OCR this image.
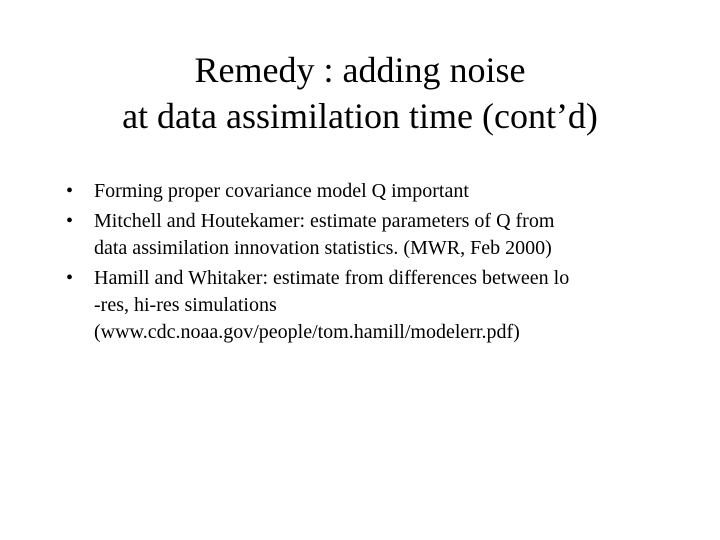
Remedy : adding noise
at data assimilation time (cont’d)
• Forming proper covariance model Q important
• Mitchell and Houtekamer: estimate parameters of Q from
data assimilation innovation statistics. (MWR, Feb 2000)
• Hamill and Whitaker: estimate from differences between lo
-res, hi-res simulations
(www.cdc.noaa.gov/people/tom.hamill/modelerr.pdf)
